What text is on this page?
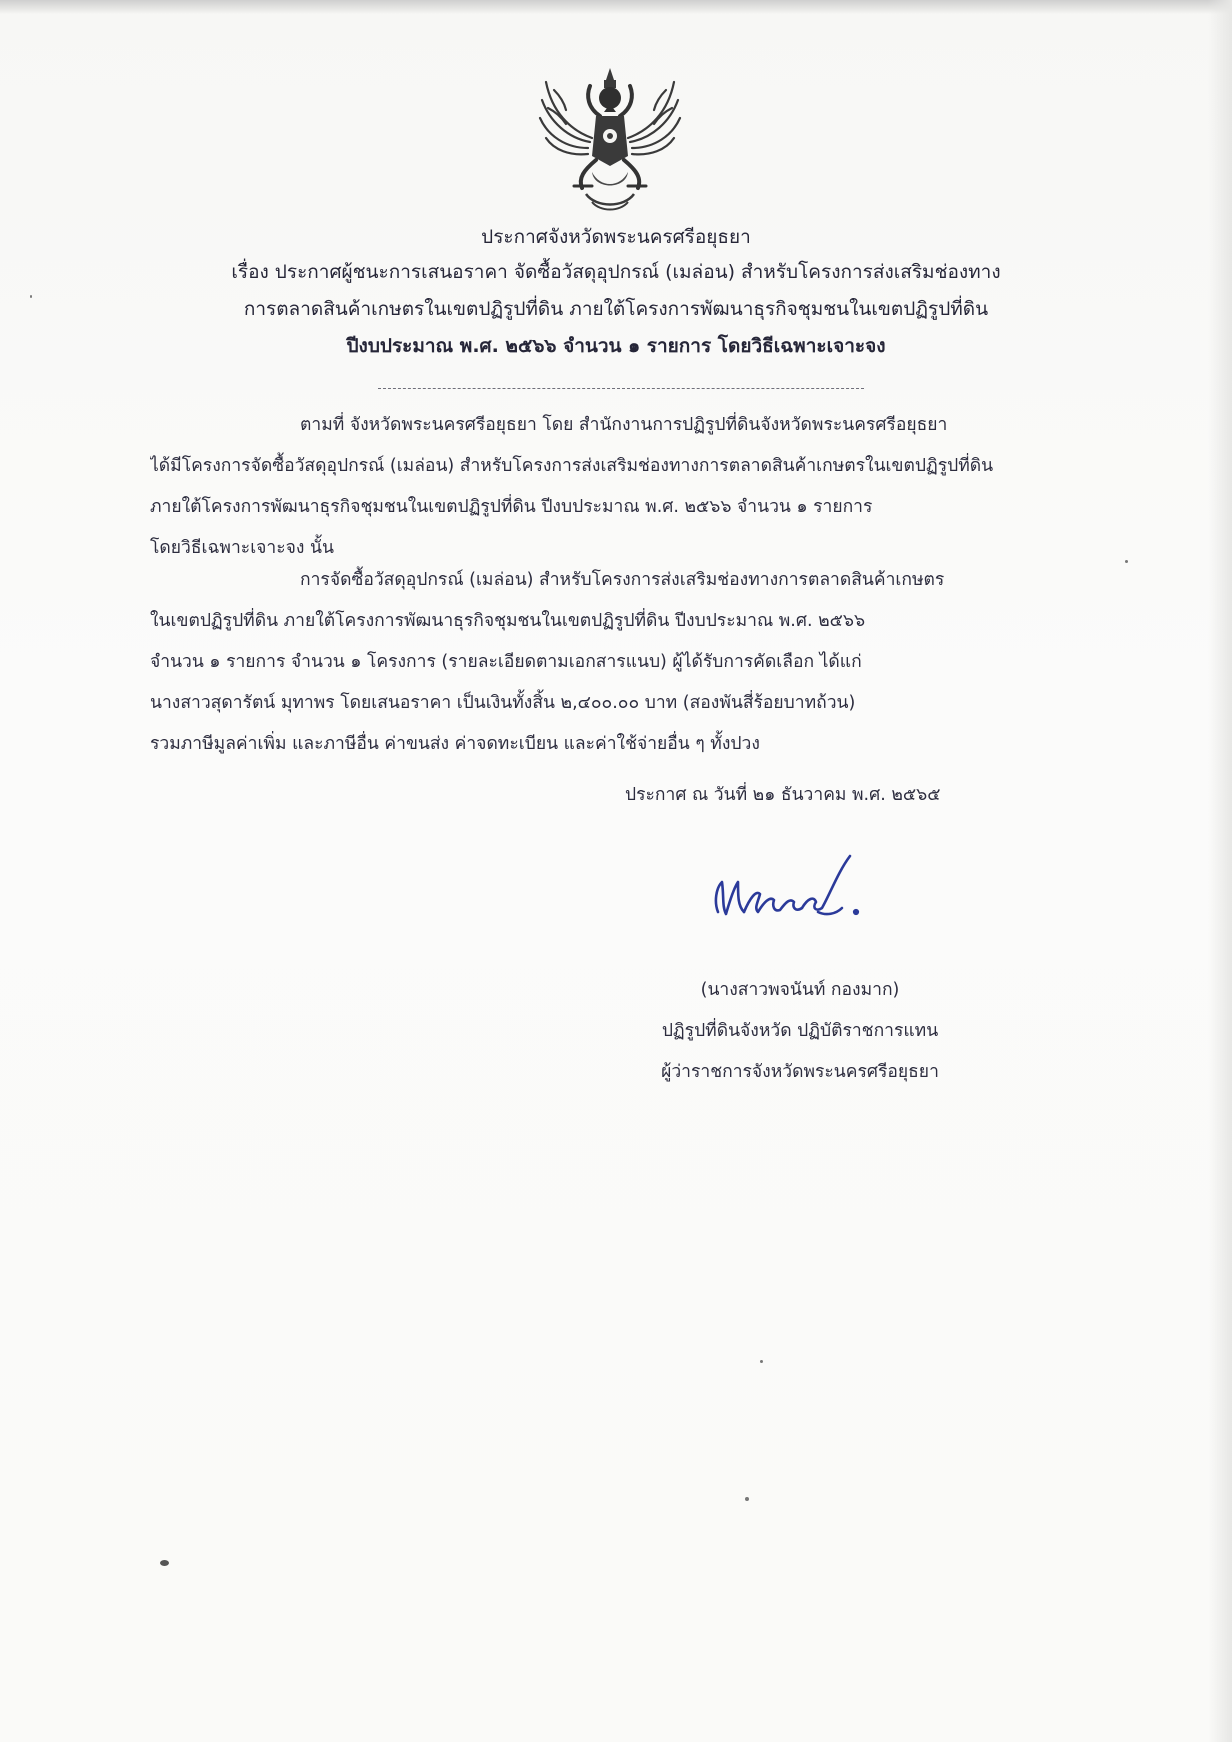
ประกาศจังหวัดพระนครศรีอยุธยา
เรื่อง ประกาศผู้ชนะการเสนอราคา จัดซื้อวัสดุอุปกรณ์ (เมล่อน) สำหรับโครงการส่งเสริมช่องทาง
การตลาดสินค้าเกษตรในเขตปฏิรูปที่ดิน ภายใต้โครงการพัฒนาธุรกิจชุมชนในเขตปฏิรูปที่ดิน
ปีงบประมาณ พ.ศ. ๒๕๖๖ จำนวน ๑ รายการ โดยวิธีเฉพาะเจาะจง
ตามที่ จังหวัดพระนครศรีอยุธยา โดย สำนักงานการปฏิรูปที่ดินจังหวัดพระนครศรีอยุธยา
ได้มีโครงการจัดซื้อวัสดุอุปกรณ์ (เมล่อน) สำหรับโครงการส่งเสริมช่องทางการตลาดสินค้าเกษตรในเขตปฏิรูปที่ดิน
ภายใต้โครงการพัฒนาธุรกิจชุมชนในเขตปฏิรูปที่ดิน ปีงบประมาณ พ.ศ. ๒๕๖๖ จำนวน ๑ รายการ
โดยวิธีเฉพาะเจาะจง นั้น
การจัดซื้อวัสดุอุปกรณ์ (เมล่อน) สำหรับโครงการส่งเสริมช่องทางการตลาดสินค้าเกษตร
ในเขตปฏิรูปที่ดิน ภายใต้โครงการพัฒนาธุรกิจชุมชนในเขตปฏิรูปที่ดิน ปีงบประมาณ พ.ศ. ๒๕๖๖
จำนวน ๑ รายการ จำนวน ๑ โครงการ (รายละเอียดตามเอกสารแนบ) ผู้ได้รับการคัดเลือก ได้แก่
นางสาวสุดารัตน์ มุทาพร โดยเสนอราคา เป็นเงินทั้งสิ้น ๒,๔๐๐.๐๐ บาท (สองพันสี่ร้อยบาทถ้วน)
รวมภาษีมูลค่าเพิ่ม และภาษีอื่น ค่าขนส่ง ค่าจดทะเบียน และค่าใช้จ่ายอื่น ๆ ทั้งปวง
ประกาศ ณ วันที่ ๒๑ ธันวาคม พ.ศ. ๒๕๖๕
(นางสาวพจนันท์ กองมาก)
ปฏิรูปที่ดินจังหวัด ปฏิบัติราชการแทน
ผู้ว่าราชการจังหวัดพระนครศรีอยุธยา
